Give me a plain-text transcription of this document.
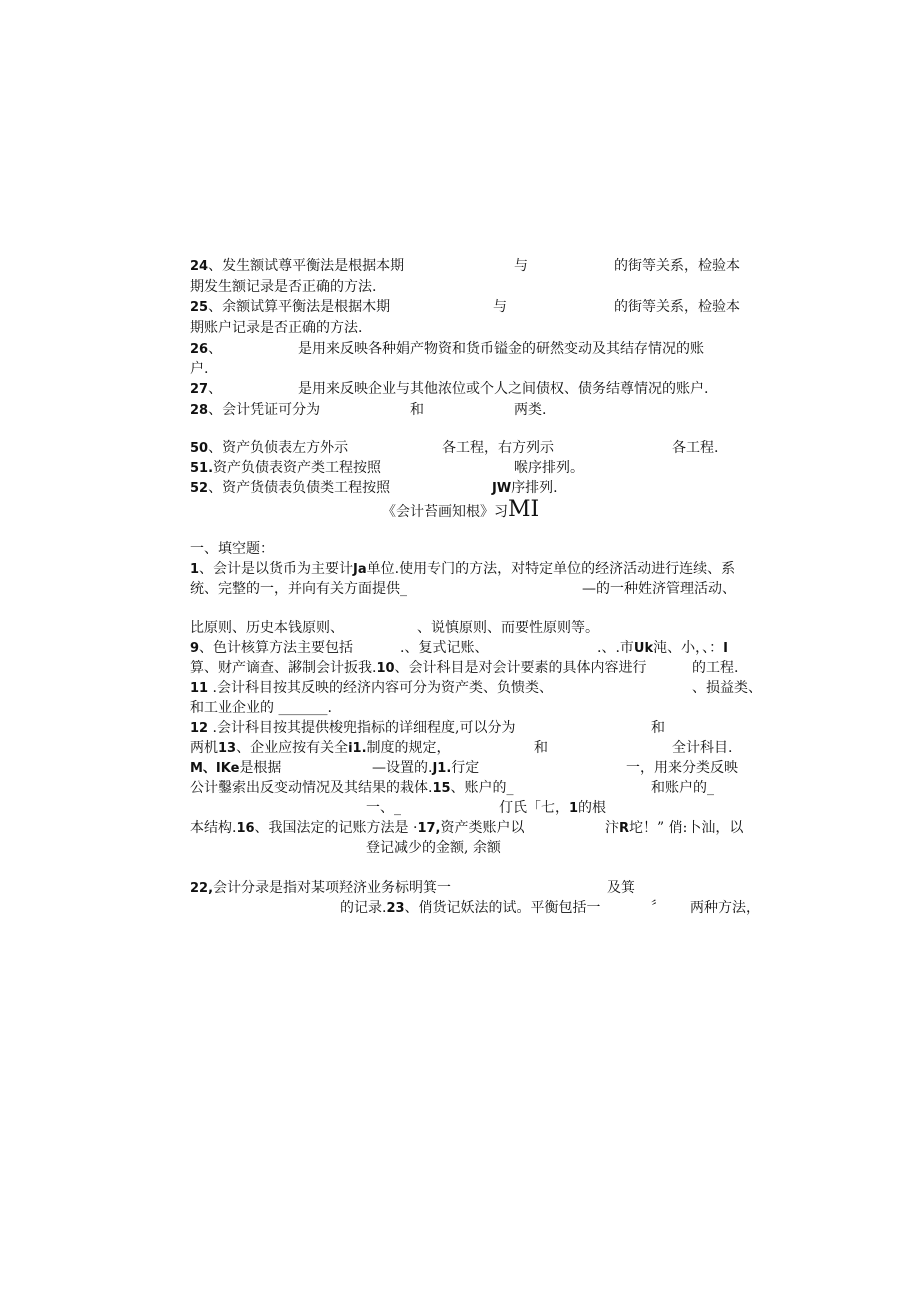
24、发生额试尊平衡法是根据本期	与	的街等关系，检验本
期发生额记录是否正确的方法.
25、余额试算平衡法是根据木期	与	的街等关系，检验本
期账户记录是否正确的方法.
26、	是用来反映各种娟产物资和货币镒金的研然变动及其结存情况的账
户.
27、	是用来反映企业与其他浓位或个人之间债权、债务结尊情况的账户.
28、会计凭证可分为	和	两类.
50、资产负侦表左方外示	各工程，右方列示	各工程.
51.资产负债表资产类工程按照	喉序排列。
52、资产货债表负债类工程按照	JW序排列.
《会计苔画知根》习MI
一、填空题：
1、会计是以货币为主要计Ja单位.使用专门的方法，对特定单位的经济活动进行连续、系
统、完整的一，并向有关方面提供_	—的一种姓济管理活动、
比原则、历史本钱原则、	、说慎原则、而要性原则等。
9、色计核算方法主要包括	.、复式记账、	.、.市Uk沌、小，、：I
算、财产谪查、謻制会计扳我.10、会计科目是对会计要素的具体内容进行	的工程.
11 .会计科目按其反映的经济内容可分为资产类、负愦类、	、损益类、
和工业企业的 _______.
12 .会计科目按其提供梭兜指标的详细程度,可以分为	和
两机13、企业应按有关全i1.制度的规定，	和	全计科目.
M、IKe是根据	—设置的.J1.行定	一，用来分类反映
公计鑿索出反变动情况及其结果的栽体.15、账户的_	和账户的_
一、_	仃氏「七，1的根
本结构.16、我国法定的记账方法是 ·17,资产类账户以	汴R坨！” 俏:卜汕，以
登记减少的金额, 余额
22,会计分录是指对某项羟济业务标明箕一	及箕
的记录.23、俏货记妖法的试。平衡包括一	〞 两种方法，
